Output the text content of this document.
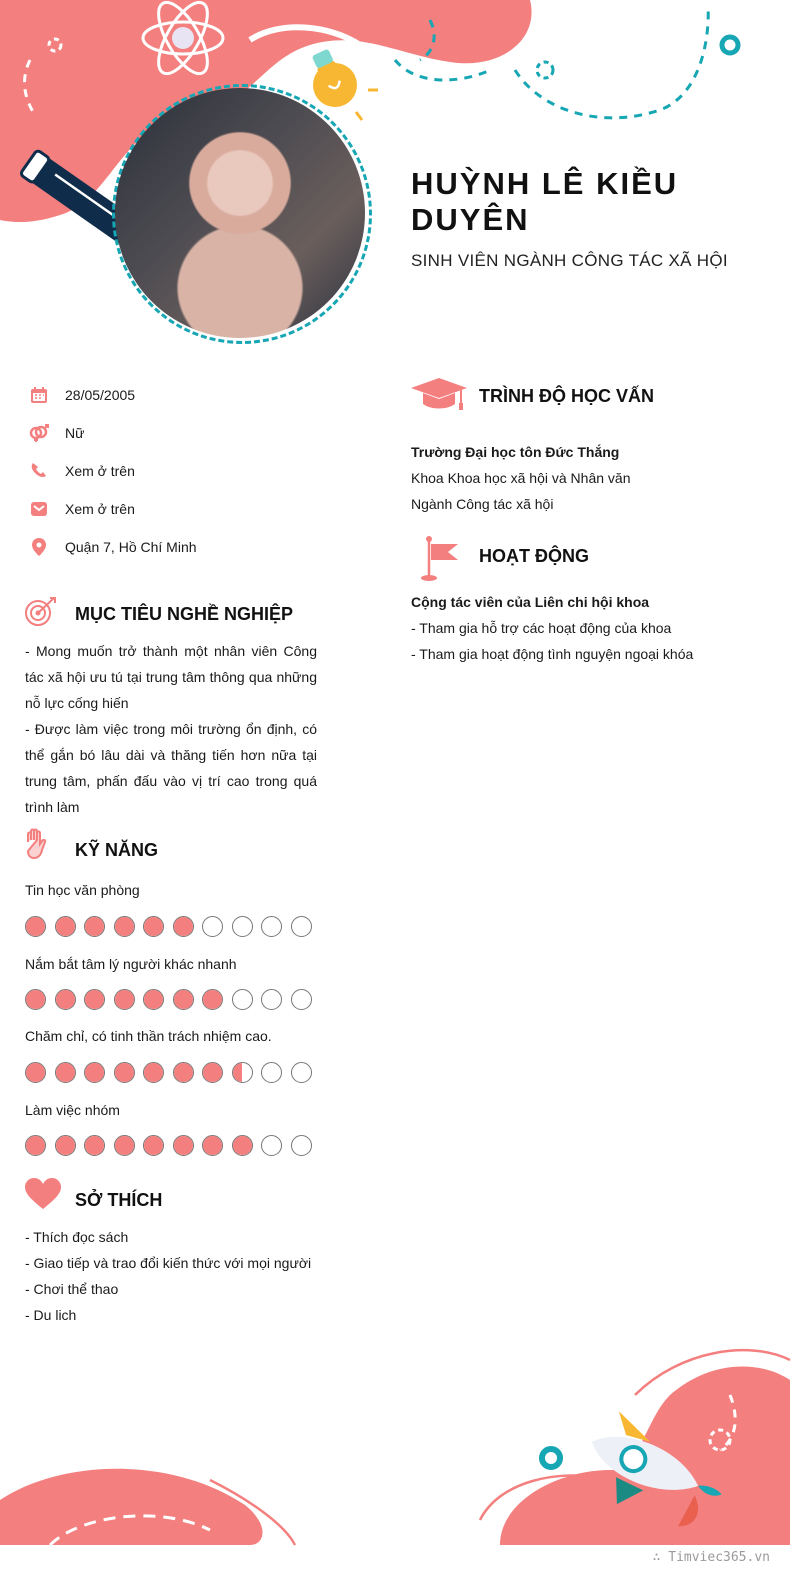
HUỲNH LÊ KIỀU DUYÊN
SINH VIÊN NGÀNH CÔNG TÁC XÃ HỘI
28/05/2005
Nữ
Xem ở trên
Xem ở trên
Quận 7, Hồ Chí Minh
MỤC TIÊU NGHỀ NGHIỆP
- Mong muốn trở thành một nhân viên Công tác xã hội ưu tú tại trung tâm thông qua những nỗ lực cống hiến
- Được làm việc trong môi trường ổn định, có thể gắn bó lâu dài và thăng tiến hơn nữa tại trung tâm, phấn đấu vào vị trí cao trong quá trình làm
KỸ NĂNG
Tin học văn phòng
Nắm bắt tâm lý người khác nhanh
Chăm chỉ, có tinh thần trách nhiệm cao.
Làm việc nhóm
SỞ THÍCH
- Thích đọc sách
- Giao tiếp và trao đổi kiến thức với mọi người
- Chơi thể thao
- Du lich
TRÌNH ĐỘ HỌC VẤN
Trường Đại học tôn Đức Thắng
Khoa Khoa học xã hội và Nhân văn
Ngành Công tác xã hội
HOẠT ĐỘNG
Cộng tác viên của Liên chi hội khoa
- Tham gia hỗ trợ các hoạt động của khoa
- Tham gia hoạt động tình nguyện ngoại khóa
∴ Timviec365.vn
